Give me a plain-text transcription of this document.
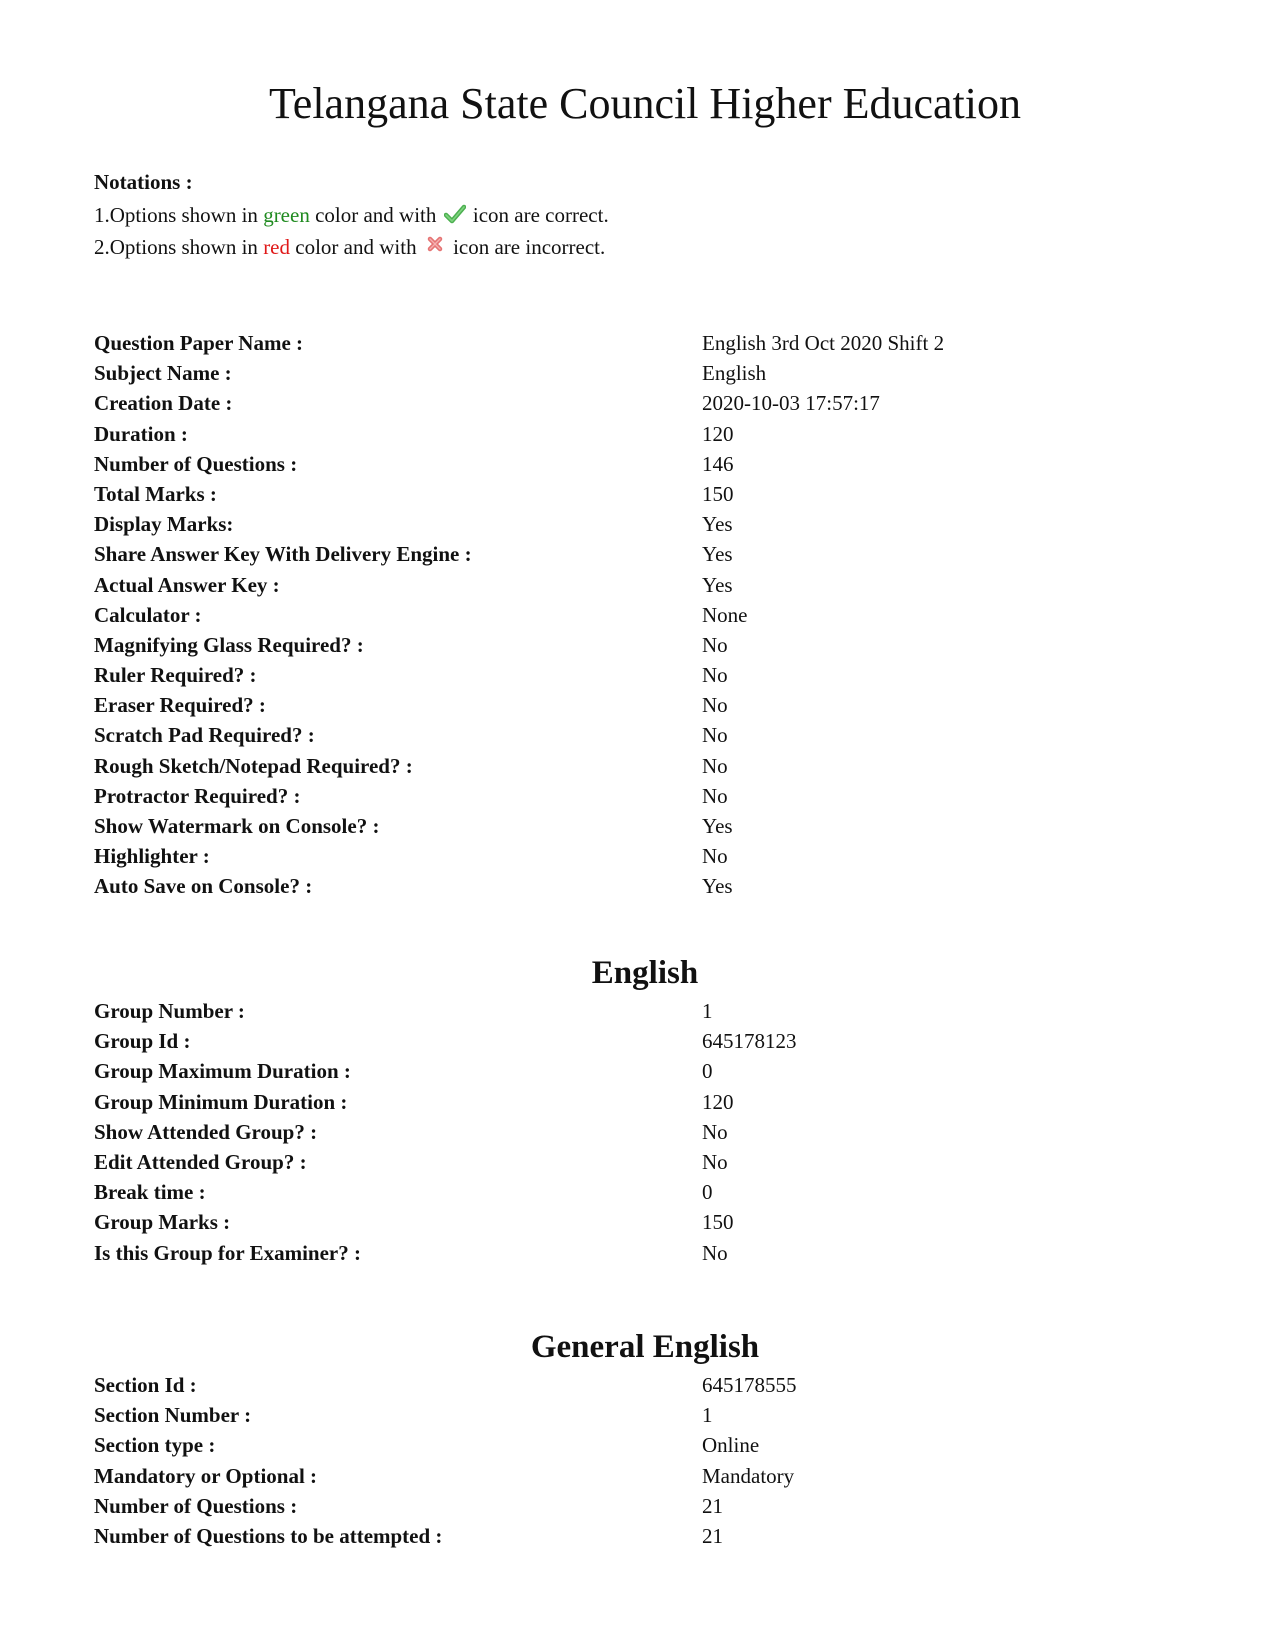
Telangana State Council Higher Education
Notations :
1.Options shown in green color and with icon are correct.
2.Options shown in red color and with icon are incorrect.
Question Paper Name :	English 3rd Oct 2020 Shift 2
Subject Name :	English
Creation Date :	2020-10-03 17:57:17
Duration :	120
Number of Questions :	146
Total Marks :	150
Display Marks:	Yes
Share Answer Key With Delivery Engine :	Yes
Actual Answer Key :	Yes
Calculator :	None
Magnifying Glass Required? :	No
Ruler Required? :	No
Eraser Required? :	No
Scratch Pad Required? :	No
Rough Sketch/Notepad Required? :	No
Protractor Required? :	No
Show Watermark on Console? :	Yes
Highlighter :	No
Auto Save on Console? :	Yes
English
Group Number :	1
Group Id :	645178123
Group Maximum Duration :	0
Group Minimum Duration :	120
Show Attended Group? :	No
Edit Attended Group? :	No
Break time :	0
Group Marks :	150
Is this Group for Examiner? :	No
General English
Section Id :	645178555
Section Number :	1
Section type :	Online
Mandatory or Optional :	Mandatory
Number of Questions :	21
Number of Questions to be attempted :	21
